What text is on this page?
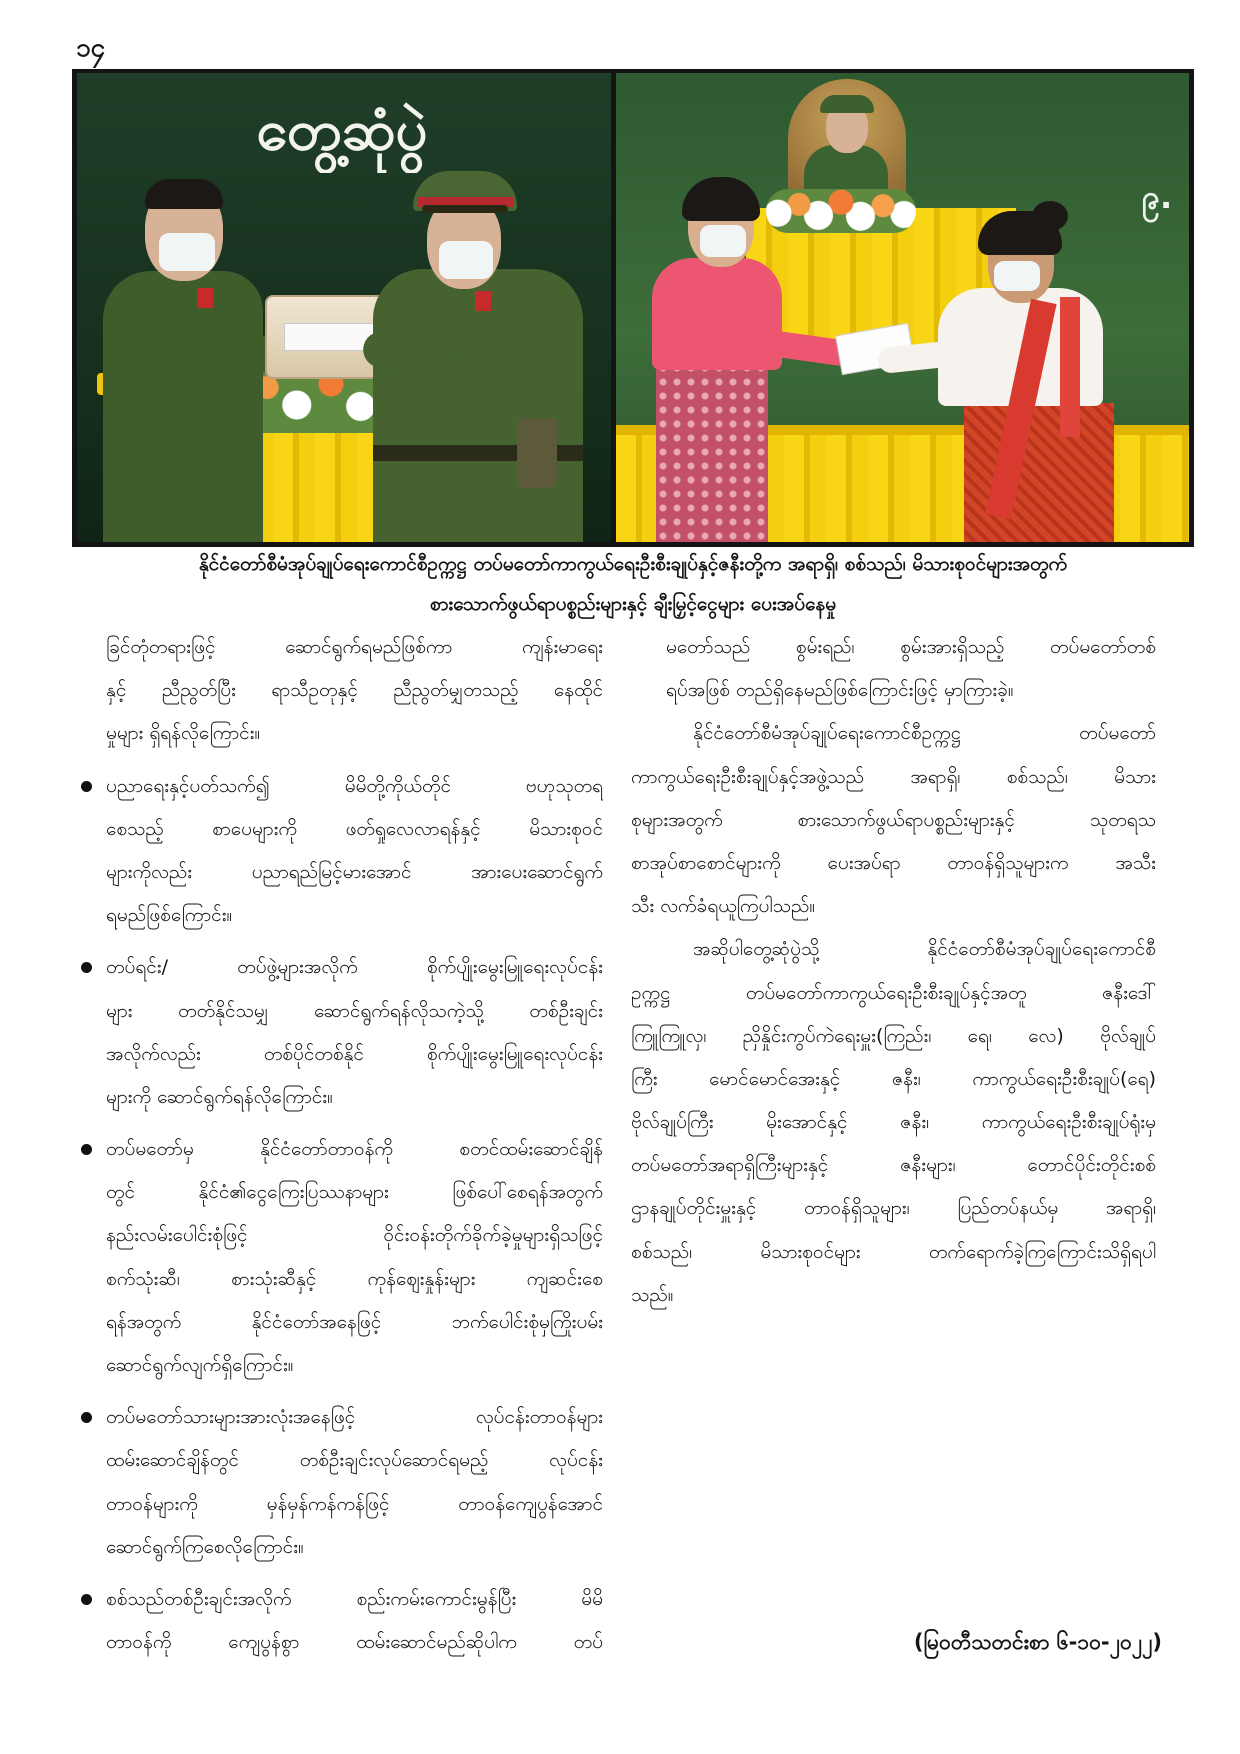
၁၄
တွေ့ဆုံပွဲ
၉.
နိုင်ငံတော်စီမံအုပ်ချုပ်ရေးကောင်စီဥက္ကဋ္ဌ တပ်မတော်ကာကွယ်ရေးဦးစီးချုပ်နှင့်ဇနီးတို့က အရာရှိ၊ စစ်သည်၊ မိသားစုဝင်များအတွက်
စားသောက်ဖွယ်ရာပစ္စည်းများနှင့် ချီးမြှင့်ငွေများ ပေးအပ်နေမှု
ခြင်တုံတရားဖြင့် ဆောင်ရွက်ရမည်ဖြစ်ကာ ကျန်းမာရေး
နှင့် ညီညွတ်ပြီး ရာသီဥတုနှင့် ညီညွတ်မျှတသည့် နေထိုင်
မှုများ ရှိရန်လိုကြောင်း။
ပညာရေးနှင့်ပတ်သက်၍ မိမိတို့ကိုယ်တိုင် ဗဟုသုတရ
စေသည့် စာပေများကို ဖတ်ရှုလေလာရန်နှင့် မိသားစုဝင်
များကိုလည်း ပညာရည်မြင့်မားအောင် အားပေးဆောင်ရွက်
ရမည်ဖြစ်ကြောင်း။
တပ်ရင်း/ တပ်ဖွဲ့များအလိုက် စိုက်ပျိုးမွေးမြူရေးလုပ်ငန်း
များ တတ်နိုင်သမျှ ဆောင်ရွက်ရန်လိုသကဲ့သို့ တစ်ဦးချင်း
အလိုက်လည်း တစ်ပိုင်တစ်နိုင် စိုက်ပျိုးမွေးမြူရေးလုပ်ငန်း
များကို ဆောင်ရွက်ရန်လိုကြောင်း။
တပ်မတော်မှ နိုင်ငံတော်တာဝန်ကို စတင်ထမ်းဆောင်ချိန်
တွင် နိုင်ငံ၏ငွေကြေးပြဿနာများ ဖြစ်ပေါ်စေရန်အတွက်
နည်းလမ်းပေါင်းစုံဖြင့် ဝိုင်းဝန်းတိုက်ခိုက်ခဲ့မှုများရှိသဖြင့်
စက်သုံးဆီ၊ စားသုံးဆီနှင့် ကုန်ဈေးနှုန်းများ ကျဆင်းစေ
ရန်အတွက် နိုင်ငံတော်အနေဖြင့် ဘက်ပေါင်းစုံမှကြိုးပမ်း
ဆောင်ရွက်လျက်ရှိကြောင်း။
တပ်မတော်သားများအားလုံးအနေဖြင့် လုပ်ငန်းတာဝန်များ
ထမ်းဆောင်ချိန်တွင် တစ်ဦးချင်းလုပ်ဆောင်ရမည့် လုပ်ငန်း
တာဝန်များကို မှန်မှန်ကန်ကန်ဖြင့် တာဝန်ကျေပွန်အောင်
ဆောင်ရွက်ကြစေလိုကြောင်း။
စစ်သည်တစ်ဦးချင်းအလိုက် စည်းကမ်းကောင်းမွန်ပြီး မိမိ
တာဝန်ကို ကျေပွန်စွာ ထမ်းဆောင်မည်ဆိုပါက တပ်
မတော်သည် စွမ်းရည်၊ စွမ်းအားရှိသည့် တပ်မတော်တစ်
ရပ်အဖြစ် တည်ရှိနေမည်ဖြစ်ကြောင်းဖြင့် မှာကြားခဲ့။
နိုင်ငံတော်စီမံအုပ်ချုပ်ရေးကောင်စီဥက္ကဋ္ဌ တပ်မတော်
ကာကွယ်ရေးဦးစီးချုပ်နှင့်အဖွဲ့သည် အရာရှိ၊ စစ်သည်၊ မိသား
စုများအတွက် စားသောက်ဖွယ်ရာပစ္စည်းများနှင့် သုတရသ
စာအုပ်စာစောင်များကို ပေးအပ်ရာ တာဝန်ရှိသူများက အသီး
သီး လက်ခံရယူကြပါသည်။
အဆိုပါတွေ့ဆုံပွဲသို့ နိုင်ငံတော်စီမံအုပ်ချုပ်ရေးကောင်စီ
ဥက္ကဋ္ဌ တပ်မတော်ကာကွယ်ရေးဦးစီးချုပ်နှင့်အတူ ဇနီးဒေါ်
ကြူကြူလှ၊ ညှိနှိုင်းကွပ်ကဲရေးမှူး(ကြည်း၊ ရေ၊ လေ) ဗိုလ်ချုပ်
ကြီး မောင်မောင်အေးနှင့် ဇနီး၊ ကာကွယ်ရေးဦးစီးချုပ်(ရေ)
ဗိုလ်ချုပ်ကြီး မိုးအောင်နှင့် ဇနီး၊ ကာကွယ်ရေးဦးစီးချုပ်ရုံးမှ
တပ်မတော်အရာရှိကြီးများနှင့် ဇနီးများ၊ တောင်ပိုင်းတိုင်းစစ်
ဌာနချုပ်တိုင်းမှူးနှင့် တာဝန်ရှိသူများ၊ ပြည်တပ်နယ်မှ အရာရှိ၊
စစ်သည်၊ မိသားစုဝင်များ တက်ရောက်ခဲ့ကြကြောင်းသိရှိရပါ
သည်။
(မြဝတီသတင်းစာ ၆-၁၀-၂၀၂၂)
